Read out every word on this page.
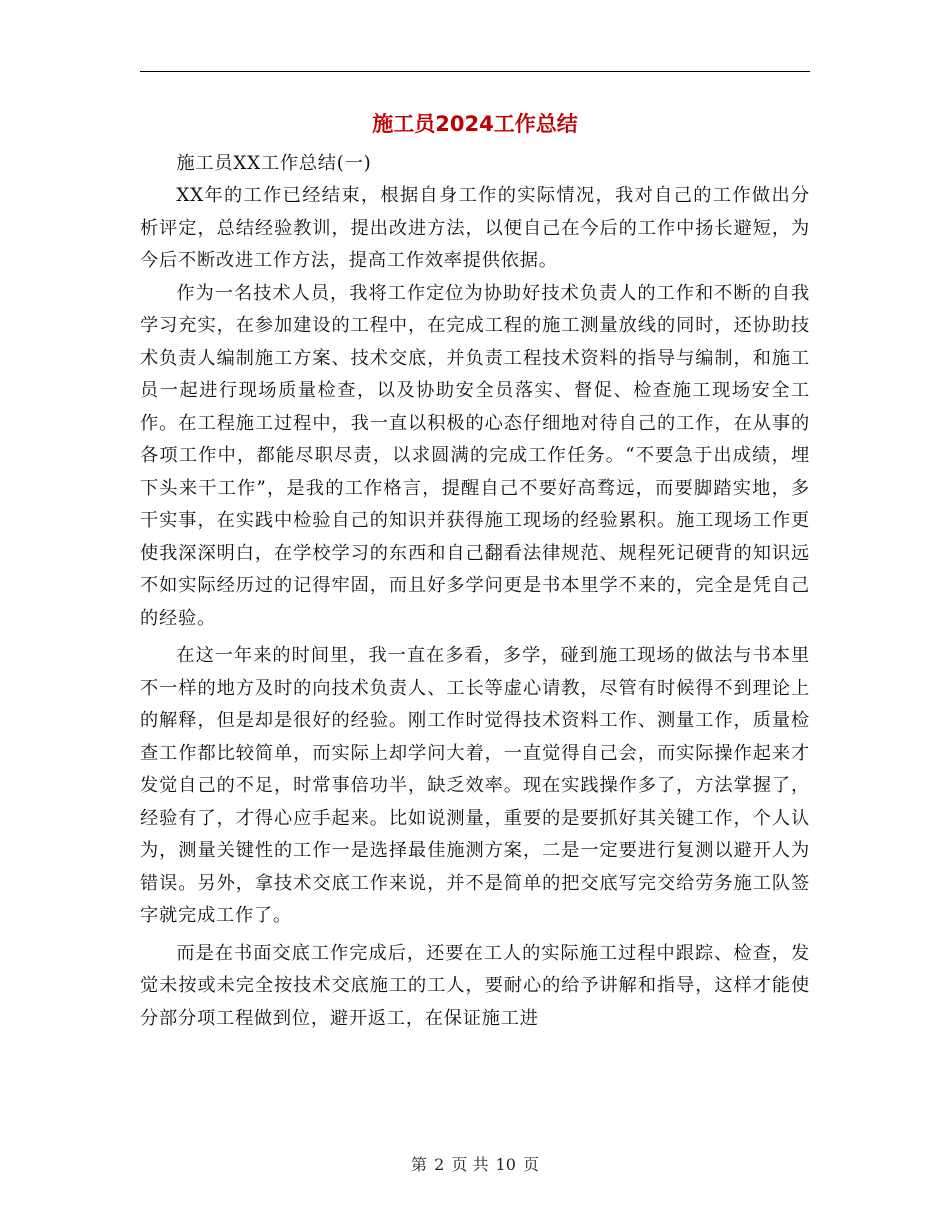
施工员2024工作总结

施工员XX工作总结(一)

XX年的工作已经结束，根据自身工作的实际情况，我对自己的工作做出分析评定，总结经验教训，提出改进方法，以便自己在今后的工作中扬长避短，为今后不断改进工作方法，提高工作效率提供依据。

作为一名技术人员，我将工作定位为协助好技术负责人的工作和不断的自我学习充实，在参加建设的工程中，在完成工程的施工测量放线的同时，还协助技术负责人编制施工方案、技术交底，并负责工程技术资料的指导与编制，和施工员一起进行现场质量检查，以及协助安全员落实、督促、检查施工现场安全工作。在工程施工过程中，我一直以积极的心态仔细地对待自己的工作，在从事的各项工作中，都能尽职尽责，以求圆满的完成工作任务。“不要急于出成绩，埋下头来干工作”，是我的工作格言，提醒自己不要好高骛远，而要脚踏实地，多干实事，在实践中检验自己的知识并获得施工现场的经验累积。施工现场工作更使我深深明白，在学校学习的东西和自己翻看法律规范、规程死记硬背的知识远不如实际经历过的记得牢固，而且好多学问更是书本里学不来的，完全是凭自己的经验。

在这一年来的时间里，我一直在多看，多学，碰到施工现场的做法与书本里不一样的地方及时的向技术负责人、工长等虚心请教，尽管有时候得不到理论上的解释，但是却是很好的经验。刚工作时觉得技术资料工作、测量工作，质量检查工作都比较简单，而实际上却学问大着，一直觉得自己会，而实际操作起来才发觉自己的不足，时常事倍功半，缺乏效率。现在实践操作多了，方法掌握了，经验有了，才得心应手起来。比如说测量，重要的是要抓好其关键工作，个人认为，测量关键性的工作一是选择最佳施测方案，二是一定要进行复测以避开人为错误。另外，拿技术交底工作来说，并不是简单的把交底写完交给劳务施工队签字就完成工作了。

而是在书面交底工作完成后，还要在工人的实际施工过程中跟踪、检查，发觉未按或未完全按技术交底施工的工人，要耐心的给予讲解和指导，这样才能使分部分项工程做到位，避开返工，在保证施工进

第 2 页 共 10 页
